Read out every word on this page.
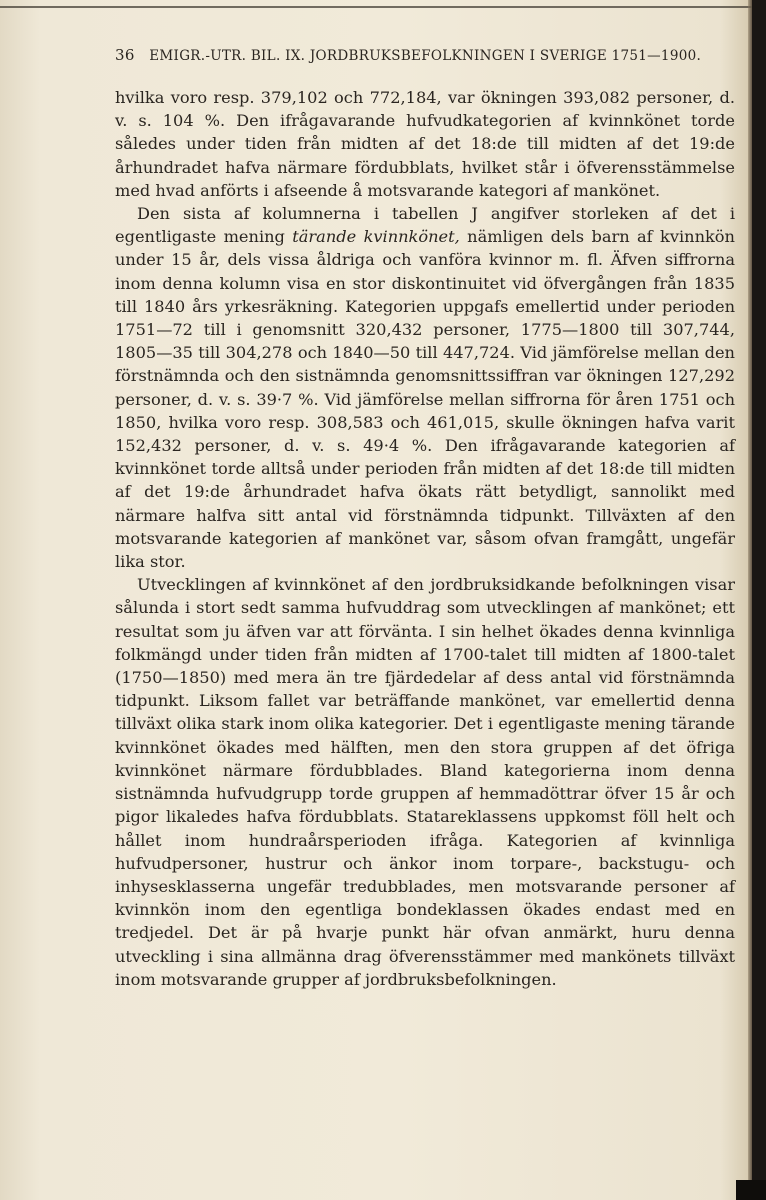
36 EMIGR.-UTR. BIL. IX. JORDBRUKSBEFOLKNINGEN I SVERIGE 1751—1900.

hvilka voro resp. 379,102 och 772,184, var ökningen 393,082 personer, d. v. s. 104 %. Den ifrågavarande hufvudkategorien af kvinnkönet torde således under tiden från midten af det 18:de till midten af det 19:de århundradet hafva närmare fördubblats, hvilket står i öfverensstämmelse med hvad anförts i afseende å motsvarande kategori af mankönet.

Den sista af kolumnerna i tabellen J angifver storleken af det i egentligaste mening tärande kvinnkönet, nämligen dels barn af kvinnkön under 15 år, dels vissa åldriga och vanföra kvinnor m. fl. Äfven siffrorna inom denna kolumn visa en stor diskontinuitet vid öfvergången från 1835 till 1840 års yrkesräkning. Kategorien uppgafs emellertid under perioden 1751—72 till i genomsnitt 320,432 personer, 1775—1800 till 307,744, 1805—35 till 304,278 och 1840—50 till 447,724. Vid jämförelse mellan den förstnämnda och den sistnämnda genomsnittssiffran var ökningen 127,292 personer, d. v. s. 39·7 %. Vid jämförelse mellan siffrorna för åren 1751 och 1850, hvilka voro resp. 308,583 och 461,015, skulle ökningen hafva varit 152,432 personer, d. v. s. 49·4 %. Den ifrågavarande kategorien af kvinnkönet torde alltså under perioden från midten af det 18:de till midten af det 19:de århundradet hafva ökats rätt betydligt, sannolikt med närmare halfva sitt antal vid förstnämnda tidpunkt. Tillväxten af den motsvarande kategorien af mankönet var, såsom ofvan framgått, ungefär lika stor.

Utvecklingen af kvinnkönet af den jordbruksidkande befolkningen visar sålunda i stort sedt samma hufvuddrag som utvecklingen af mankönet; ett resultat som ju äfven var att förvänta. I sin helhet ökades denna kvinnliga folkmängd under tiden från midten af 1700-talet till midten af 1800-talet (1750—1850) med mera än tre fjärdedelar af dess antal vid förstnämnda tidpunkt. Liksom fallet var beträffande mankönet, var emellertid denna tillväxt olika stark inom olika kategorier. Det i egentligaste mening tärande kvinnkönet ökades med hälften, men den stora gruppen af det öfriga kvinnkönet närmare fördubblades. Bland kategorierna inom denna sistnämnda hufvudgrupp torde gruppen af hemmadöttrar öfver 15 år och pigor likaledes hafva fördubblats. Statareklassens uppkomst föll helt och hållet inom hundraårsperioden ifråga. Kategorien af kvinnliga hufvudpersoner, hustrur och änkor inom torpare-, backstugu- och inhysesklasserna ungefär tredubblades, men motsvarande personer af kvinnkön inom den egentliga bondeklassen ökades endast med en tredjedel. Det är på hvarje punkt här ofvan anmärkt, huru denna utveckling i sina allmänna drag öfverensstämmer med mankönets tillväxt inom motsvarande grupper af jordbruksbefolkningen.
